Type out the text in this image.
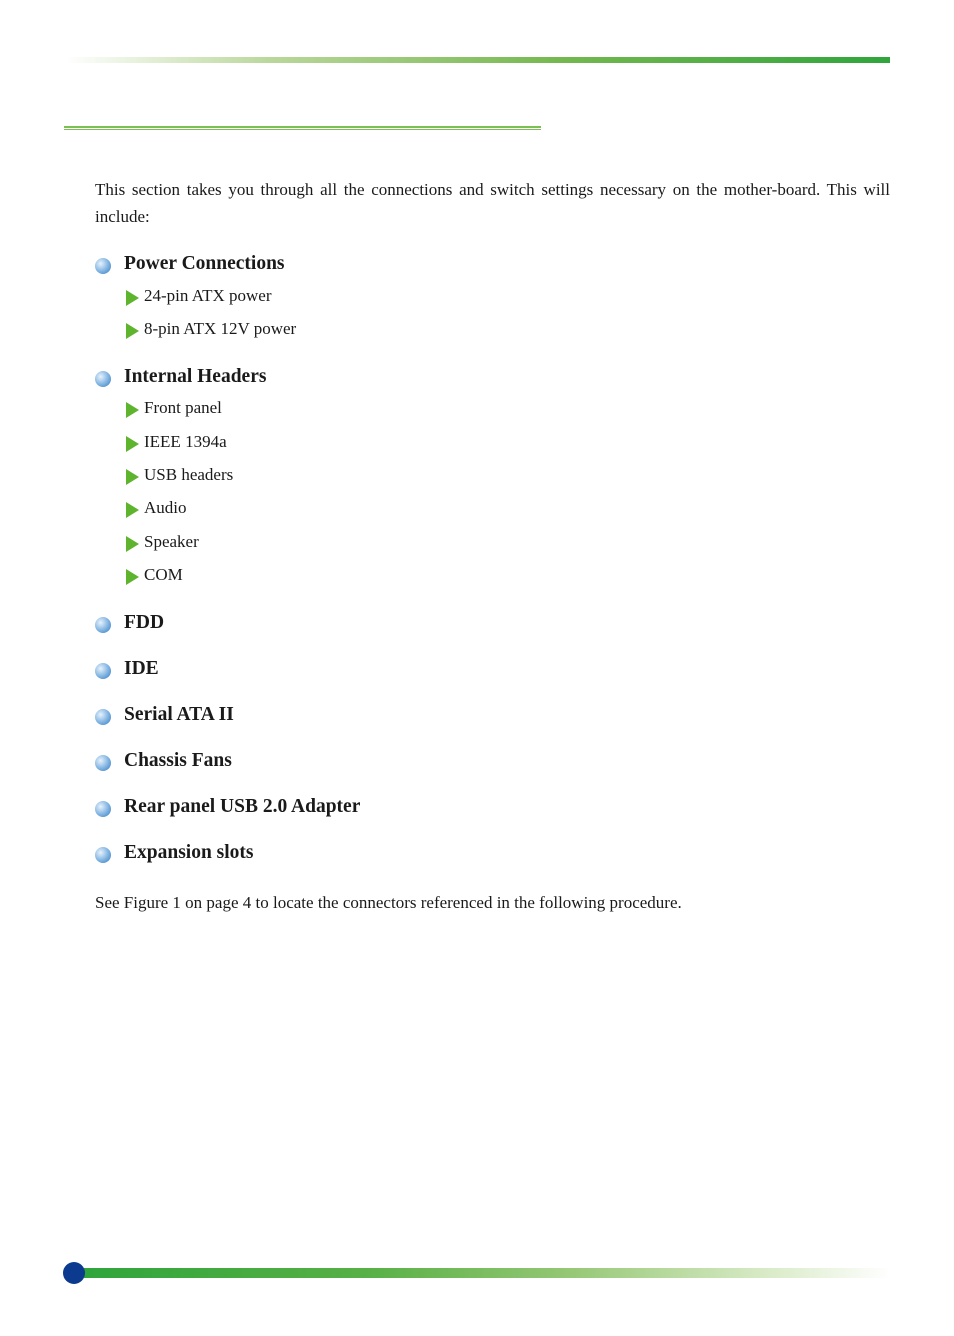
This section takes you through all the connections and switch settings necessary on the mother-board. This will include:

Power Connections
24-pin ATX power
8-pin ATX 12V power
Internal Headers
Front panel
IEEE 1394a
USB headers
Audio
Speaker
COM
FDD
IDE
Serial ATA II
Chassis Fans
Rear panel USB 2.0 Adapter
Expansion slots

See Figure 1 on page 4 to locate the connectors referenced in the following procedure.
